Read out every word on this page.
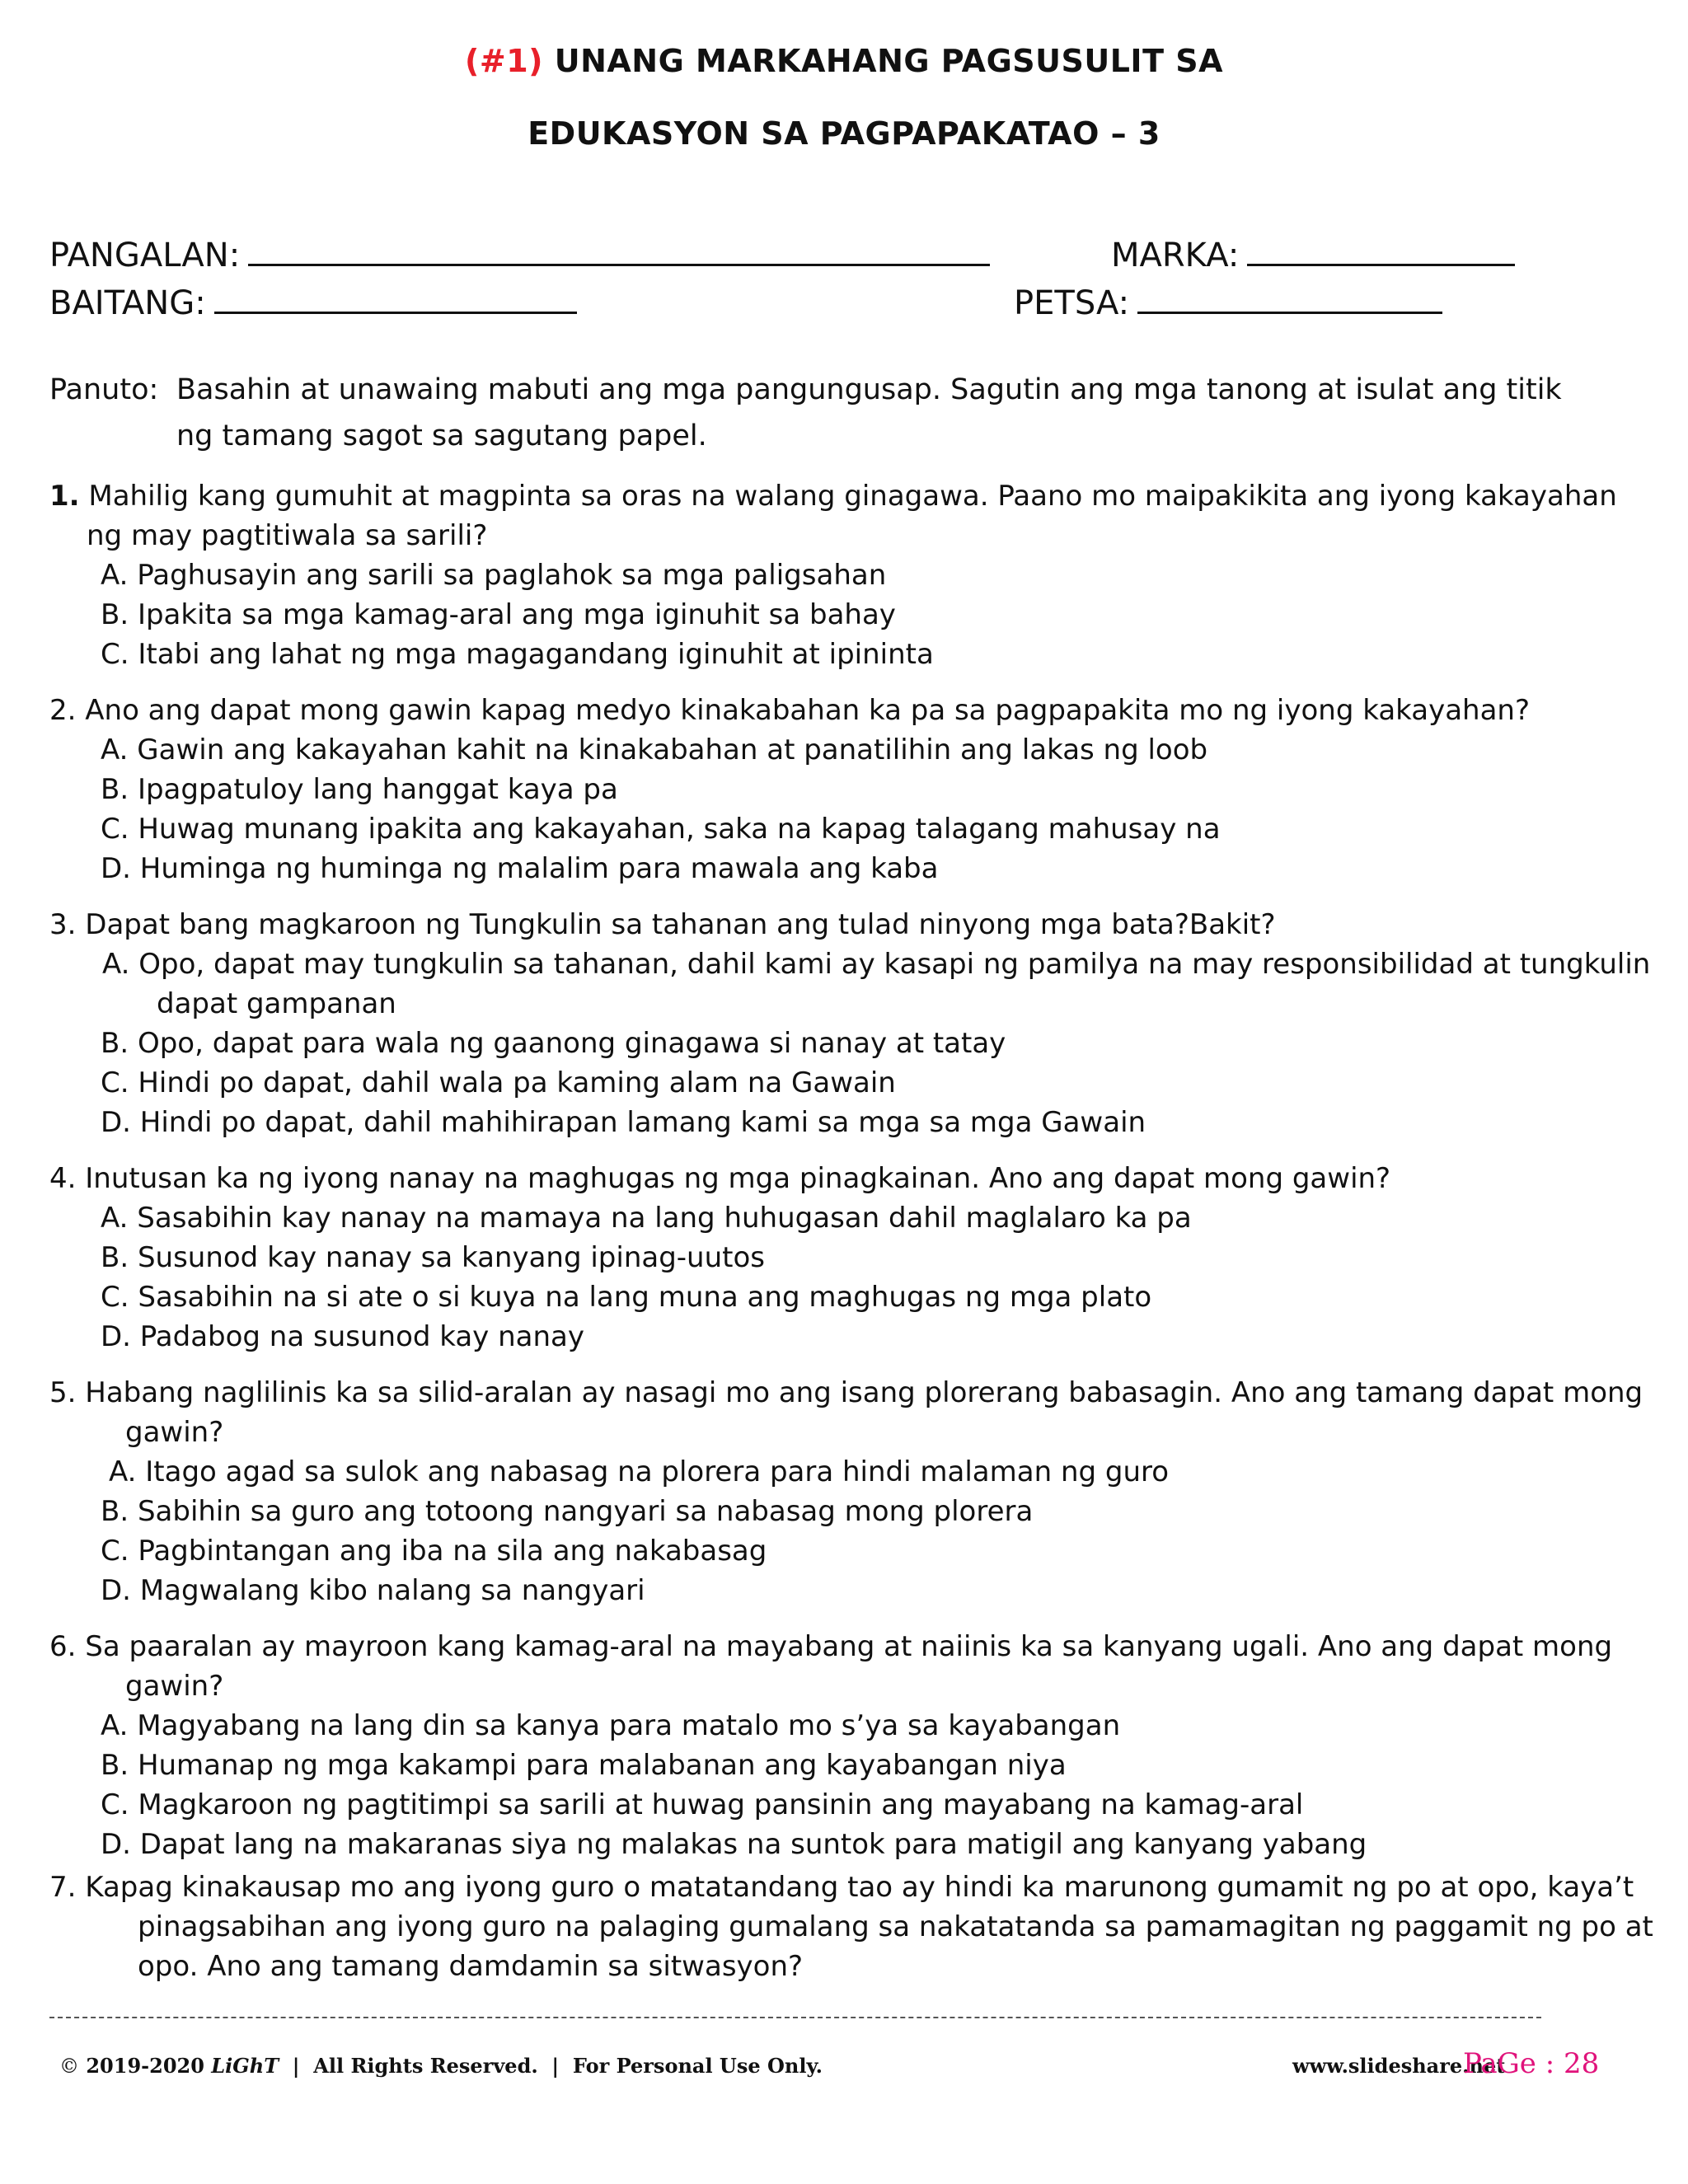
(#1) UNANG MARKAHANG PAGSUSULIT SA
EDUKASYON SA PAGPAPAKATAO – 3
PANGALAN:	MARKA:
BAITANG:	PETSA:
Panuto: Basahin at unawaing mabuti ang mga pangungusap. Sagutin ang mga tanong at isulat ang titik
ng tamang sagot sa sagutang papel.
1. Mahilig kang gumuhit at magpinta sa oras na walang ginagawa. Paano mo maipakikita ang iyong kakayahan ng may pagtitiwala sa sarili?
A. Paghusayin ang sarili sa paglahok sa mga paligsahan
B. Ipakita sa mga kamag-aral ang mga iginuhit sa bahay
C. Itabi ang lahat ng mga magagandang iginuhit at ipininta
2. Ano ang dapat mong gawin kapag medyo kinakabahan ka pa sa pagpapakita mo ng iyong kakayahan?
A. Gawin ang kakayahan kahit na kinakabahan at panatilihin ang lakas ng loob
B. Ipagpatuloy lang hanggat kaya pa
C. Huwag munang ipakita ang kakayahan, saka na kapag talagang mahusay na
D. Huminga ng huminga ng malalim para mawala ang kaba
3. Dapat bang magkaroon ng Tungkulin sa tahanan ang tulad ninyong mga bata?Bakit?
A. Opo, dapat may tungkulin sa tahanan, dahil kami ay kasapi ng pamilya na may responsibilidad at tungkulin dapat gampanan
B. Opo, dapat para wala ng gaanong ginagawa si nanay at tatay
C. Hindi po dapat, dahil wala pa kaming alam na Gawain
D. Hindi po dapat, dahil mahihirapan lamang kami sa mga sa mga Gawain
4. Inutusan ka ng iyong nanay na maghugas ng mga pinagkainan. Ano ang dapat mong gawin?
A. Sasabihin kay nanay na mamaya na lang huhugasan dahil maglalaro ka pa
B. Susunod kay nanay sa kanyang ipinag-uutos
C. Sasabihin na si ate o si kuya na lang muna ang maghugas ng mga plato
D. Padabog na susunod kay nanay
5. Habang naglilinis ka sa silid-aralan ay nasagi mo ang isang plorerang babasagin. Ano ang tamang dapat mong gawin?
A. Itago agad sa sulok ang nabasag na plorera para hindi malaman ng guro
B. Sabihin sa guro ang totoong nangyari sa nabasag mong plorera
C. Pagbintangan ang iba na sila ang nakabasag
D. Magwalang kibo nalang sa nangyari
6. Sa paaralan ay mayroon kang kamag-aral na mayabang at naiinis ka sa kanyang ugali. Ano ang dapat mong gawin?
A. Magyabang na lang din sa kanya para matalo mo s’ya sa kayabangan
B. Humanap ng mga kakampi para malabanan ang kayabangan niya
C. Magkaroon ng pagtitimpi sa sarili at huwag pansinin ang mayabang na kamag-aral
D. Dapat lang na makaranas siya ng malakas na suntok para matigil ang kanyang yabang
7. Kapag kinakausap mo ang iyong guro o matatandang tao ay hindi ka marunong gumamit ng po at opo, kaya’t pinagsabihan ang iyong guro na palaging gumalang sa nakatatanda sa pamamagitan ng paggamit ng po at opo. Ano ang tamang damdamin sa sitwasyon?
© 2019-2020 LiGhT | All Rights Reserved. | For Personal Use Only.	www.slideshare.net
PaGe : 28
